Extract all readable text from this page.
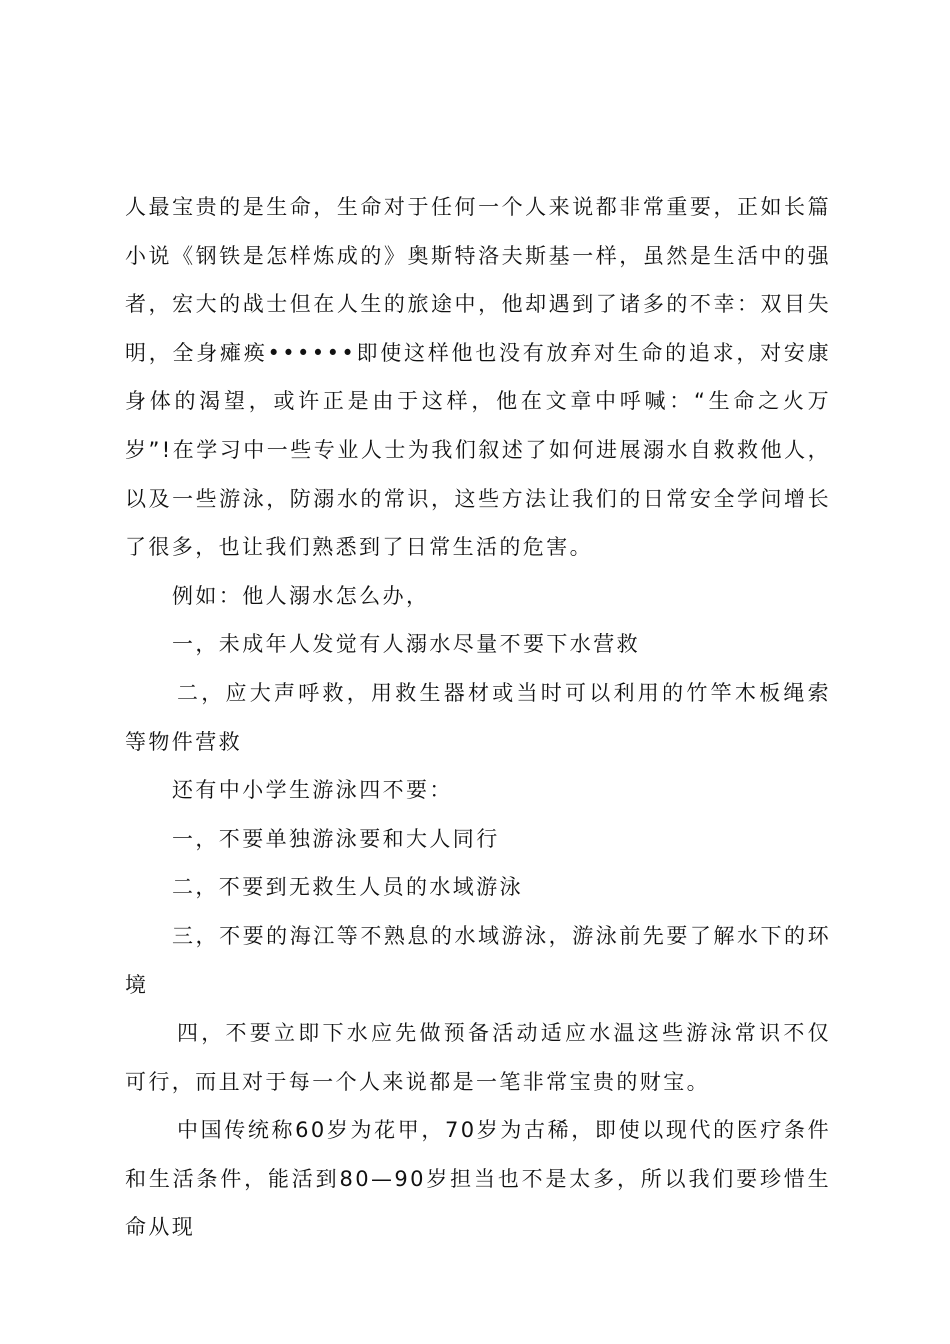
人最宝贵的是生命，生命对于任何一个人来说都非常重要，正如长篇小说《钢铁是怎样炼成的》奥斯特洛夫斯基一样，虽然是生活中的强者，宏大的战士但在人生的旅途中，他却遇到了诸多的不幸：双目失明，全身瘫痪••••••即使这样他也没有放弃对生命的追求，对安康身体的渴望，或许正是由于这样，他在文章中呼喊：“生命之火万岁”!在学习中一些专业人士为我们叙述了如何进展溺水自救救他人，以及一些游泳，防溺水的常识，这些方法让我们的日常安全学问增长了很多，也让我们熟悉到了日常生活的危害。

例如：他人溺水怎么办，

一，未成年人发觉有人溺水尽量不要下水营救

二，应大声呼救，用救生器材或当时可以利用的竹竿木板绳索等物件营救

还有中小学生游泳四不要：

一，不要单独游泳要和大人同行

二，不要到无救生人员的水域游泳

三，不要的海江等不熟息的水域游泳，游泳前先要了解水下的环境

四，不要立即下水应先做预备活动适应水温这些游泳常识不仅可行，而且对于每一个人来说都是一笔非常宝贵的财宝。

中国传统称60岁为花甲，70岁为古稀，即使以现代的医疗条件和生活条件，能活到80—90岁担当也不是太多，所以我们要珍惜生命从现
